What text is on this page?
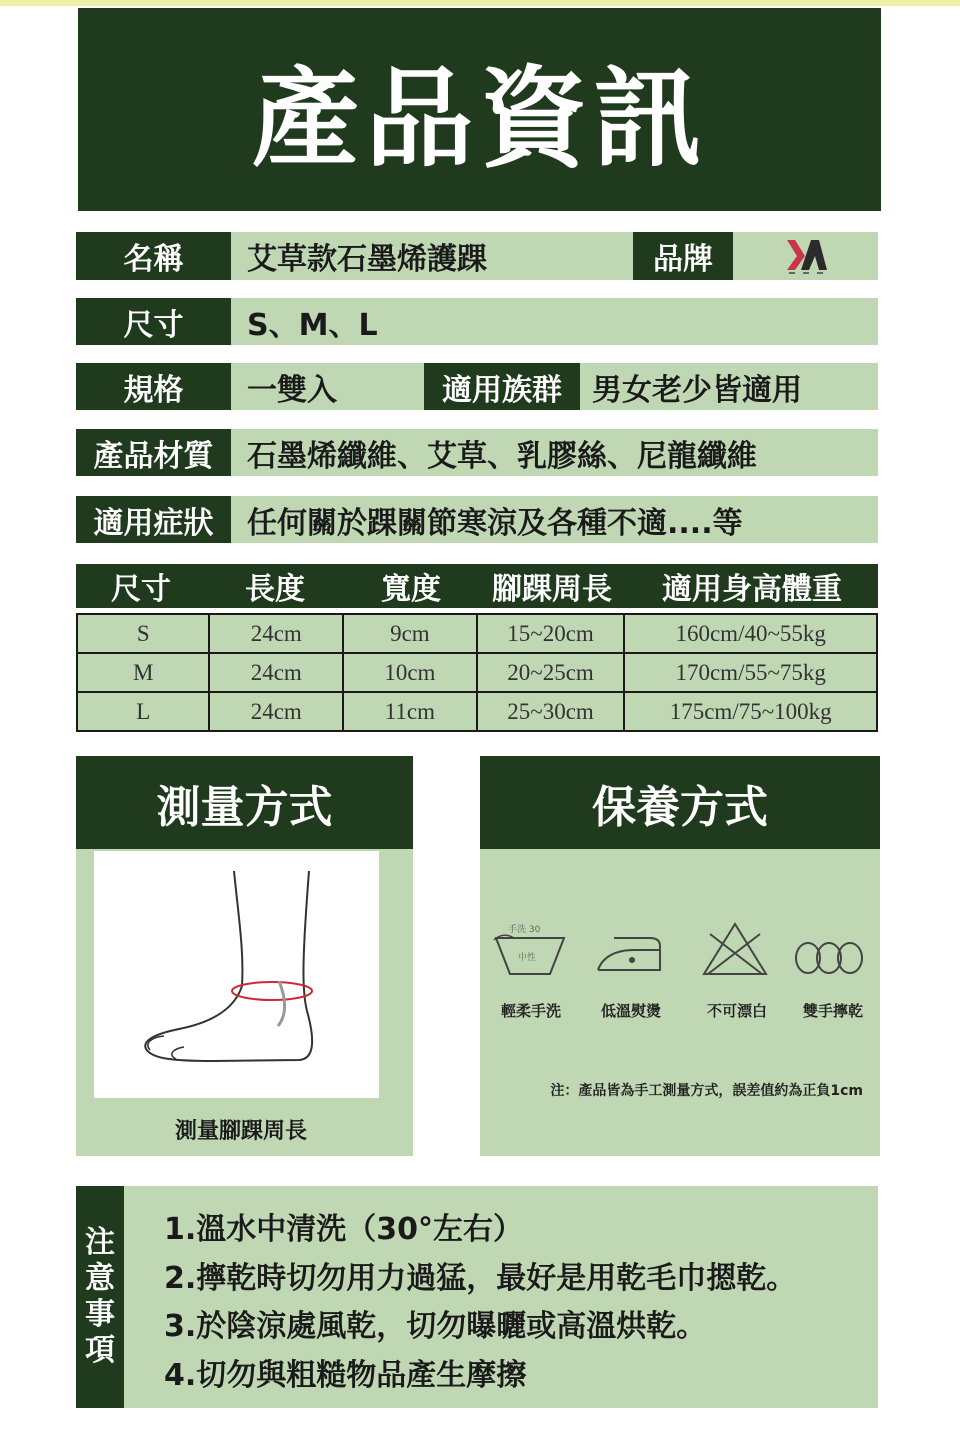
產品資訊
名稱	艾草款石墨烯護踝	品牌
尺寸	S、M、L
規格	一雙入	適用族群	男女老少皆適用
產品材質	石墨烯纖維、艾草、乳膠絲、尼龍纖維
適用症狀	任何關於踝關節寒涼及各種不適....等
尺寸	長度	寬度	腳踝周長	適用身高體重
S	24cm	9cm	15~20cm	160cm/40~55kg
M	24cm	10cm	20~25cm	170cm/55~75kg
L	24cm	11cm	25~30cm	175cm/75~100kg
測量方式
測量腳踝周長
保養方式
手洗 30
中性
輕柔手洗	低溫熨燙	不可漂白	雙手擰乾
注：產品皆為手工測量方式，誤差值約為正負1cm
注
意
事
項
1.溫水中清洗（30°左右）
2.擰乾時切勿用力過猛，最好是用乾毛巾摁乾。
3.於陰涼處風乾，切勿曝曬或高溫烘乾。
4.切勿與粗糙物品產生摩擦
